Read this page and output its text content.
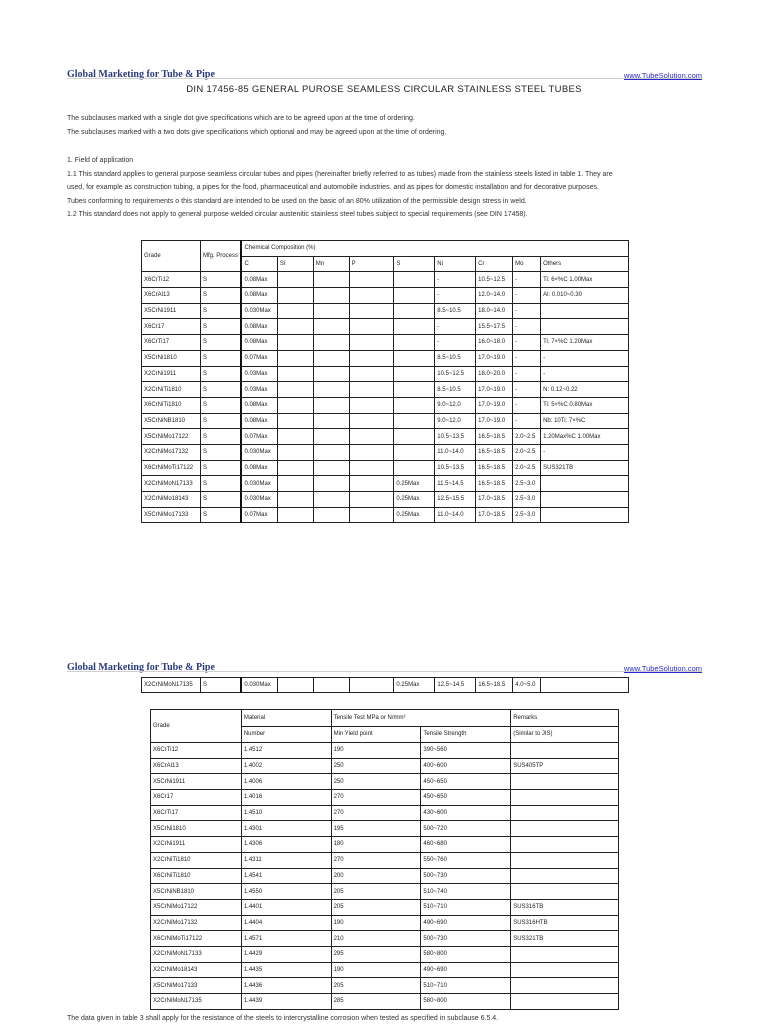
Global Marketing for Tube & Pipe	www.TubeSolution.com
DIN 17456-85 GENERAL PUROSE SEAMLESS CIRCULAR STAINLESS STEEL TUBES

The subclauses marked with a single dot give specifications which are to be agreed upon at the time of ordering.

The subclauses marked with a two dots give specifications which optional and may be agreed upon at the time of ordering.

1. Field of application

1.1 This standard applies to general purpose seamless circular tubes and pipes (hereinafter briefly referred to as tubes) made from the stainless steels listed in table 1. They are

used, for example as construction tubing, a pipes for the food, pharmaceutical and automobile industries. and as pipes for domestic installation and for decorative purposes.

Tubes conforming to requirements o this standard are intended to be used on the basic of an 80% utilization of the permissible design stress in weld.

1.2 This standard does not apply to general purpose welded circular austenitic stainless steel tubes subject to special requirements (see DIN 17458).

Grade	Mfg. Process	Chemical Composition (%)								
		C	Si	Mn	P	S	Ni	Cr	Mo	Others
X6CrTi12	S	0.08Max					-	10.5~12.5	-	Ti: 6×%C 1.00Max
X6CrAl13	S	0.08Max					-	12.0~14.0	-	Al: 0.010~0.30
X5CrNi1911	S	0.030Max					8.5~10.5	18.0~14.0	-	
X6Cr17	S	0.08Max					-	15.5~17.5	-	
X6CrTi17	S	0.08Max					-	16.0~18.0	-	Ti: 7×%C 1.20Max
X5CrNi1810	S	0.07Max					8.5~10.5	17.0~19.0	-	-
X2CrNi1911	S	0.03Max					10.5~12.5	18.0~20.0	-	-
X2CrNiTi1810	S	0.03Max					8.5~10.5	17.0~19.0	-	N: 0.12~0.22
X6CrNiTi1810	S	0.08Max					9.0~12.0	17.0~19.0	-	Ti: 5×%C 0.80Max
X5CrNiNB1810	S	0.08Max					9.0~12.0	17.0~19.0	-	Nb: 10Ti: 7×%C
X5CrNiMo17122	S	0.07Max					10.5~13.5	16.5~18.5	2.0~2.5	1.20Max%C 1.00Max
X2CrNiMo17132	S	0.030Max					11.0~14.0	16.5~18.5	2.0~2.5	-
X6CrNiMoTi17122	S	0.08Max					10.5~13.5	16.5~18.5	2.0~2.5	SUS321TB
X2CrNiMoN17133	S	0.030Max				0.25Max	11.5~14.5	16.5~18.5	2.5~3.0	
X2CrNiMo18143	S	0.030Max				0.25Max	12.5~15.5	17.0~18.5	2.5~3.0	
X5CrNiMo17133	S	0.07Max				0.25Max	11.0~14.0	17.0~18.5	2.5~3.0	
Global Marketing for Tube & Pipe	www.TubeSolution.com
X2CrNiMoN17135	S	0.030Max				0.25Max	12.5~14.5	16.5~18.5	4.0~5.0	
Grade	Material	Tensile Test MPa or N/mm²		Remarks
	Number	Min Yield point	Tensile Strength	(Similar to JIS)
X6CrTi12	1.4512	190	390~560	
X6CrAl13	1.4002	250	400~600	SUS405TP
X5CrNi1911	1.4006	250	450~650	
X6Cr17	1.4016	270	450~650	
X6CrTi17	1.4510	270	430~600	
X5CrNi1810	1.4301	195	500~720	
X2CrNi1911	1.4306	180	460~680	
X2CrNiTi1810	1.4311	270	550~760	
X6CrNiTi1810	1.4541	200	500~730	
X5CrNiNB1810	1.4550	205	510~740	
X5CrNiMo17122	1.4401	205	510~710	SUS316TB
X2CrNiMo17132	1.4404	190	490~690	SUS316HTB
X6CrNiMoTi17122	1.4571	210	500~730	SUS321TB
X2CrNiMoN17133	1.4429	295	580~800	
X2CrNiMo18143	1.4435	190	490~690	
X5CrNiMo17133	1.4436	205	510~710	
X2CrNiMoN17135	1.4439	285	580~800	
The data given in table 3 shall apply for the resistance of the steels to intercrystalline corrosion when tested as specified in subclause 6.5.4.
